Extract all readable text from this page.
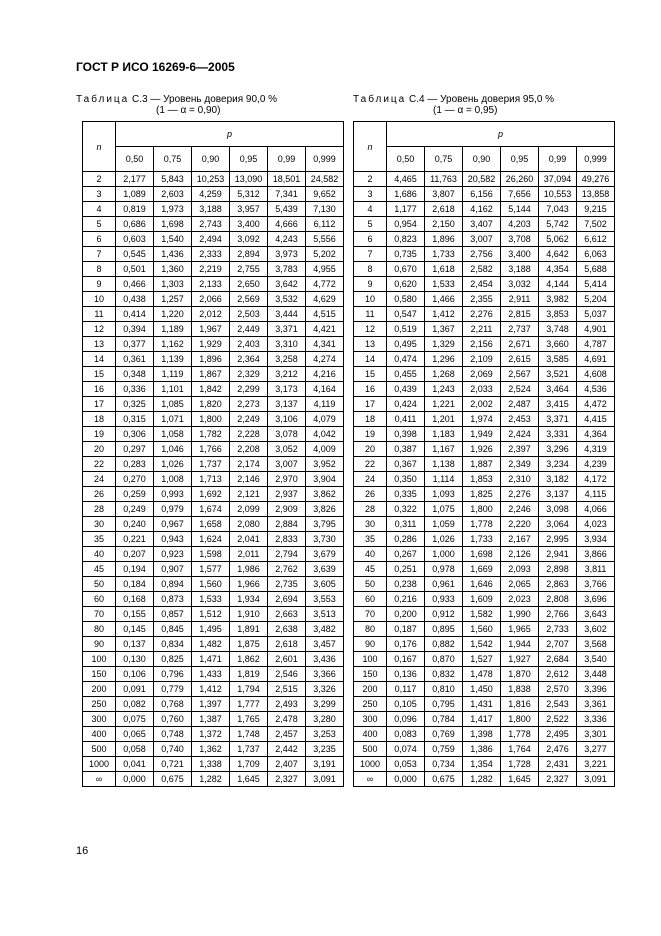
ГОСТ Р ИСО 16269-6—2005
Таблица С.3 — Уровень доверия 90,0 %
(1 — α = 0,90)
Таблица С.4 — Уровень доверия 95,0 %
(1 — α = 0,95)
n	p					
	0,50	0,75	0,90	0,95	0,99	0,999
2	2,177	5,843	10,253	13,090	18,501	24,582
3	1,089	2,603	4,259	5,312	7,341	9,652
4	0,819	1,973	3,188	3,957	5,439	7,130
5	0,686	1,698	2,743	3,400	4,666	6,112
6	0,603	1,540	2,494	3,092	4,243	5,556
7	0,545	1,436	2,333	2,894	3,973	5,202
8	0,501	1,360	2,219	2,755	3,783	4,955
9	0,466	1,303	2,133	2,650	3,642	4,772
10	0,438	1,257	2,066	2,569	3,532	4,629
11	0,414	1,220	2,012	2,503	3,444	4,515
12	0,394	1,189	1,967	2,449	3,371	4,421
13	0,377	1,162	1,929	2,403	3,310	4,341
14	0,361	1,139	1,896	2,364	3,258	4,274
15	0,348	1,119	1,867	2,329	3,212	4,216
16	0,336	1,101	1,842	2,299	3,173	4,164
17	0,325	1,085	1,820	2,273	3,137	4,119
18	0,315	1,071	1,800	2,249	3,106	4,079
19	0,306	1,058	1,782	2,228	3,078	4,042
20	0,297	1,046	1,766	2,208	3,052	4,009
22	0,283	1,026	1,737	2,174	3,007	3,952
24	0,270	1,008	1,713	2,146	2,970	3,904
26	0,259	0,993	1,692	2,121	2,937	3,862
28	0,249	0,979	1,674	2,099	2,909	3,826
30	0,240	0,967	1,658	2,080	2,884	3,795
35	0,221	0,943	1,624	2,041	2,833	3,730
40	0,207	0,923	1,598	2,011	2,794	3,679
45	0,194	0,907	1,577	1,986	2,762	3,639
50	0,184	0,894	1,560	1,966	2,735	3,605
60	0,168	0,873	1,533	1,934	2,694	3,553
70	0,155	0,857	1,512	1,910	2,663	3,513
80	0,145	0,845	1,495	1,891	2,638	3,482
90	0,137	0,834	1,482	1,875	2,618	3,457
100	0,130	0,825	1,471	1,862	2,601	3,436
150	0,106	0,796	1,433	1,819	2,546	3,366
200	0,091	0,779	1,412	1,794	2,515	3,326
250	0,082	0,768	1,397	1,777	2,493	3,299
300	0,075	0,760	1,387	1,765	2,478	3,280
400	0,065	0,748	1,372	1,748	2,457	3,253
500	0,058	0,740	1,362	1,737	2,442	3,235
1000	0,041	0,721	1,338	1,709	2,407	3,191
∞	0,000	0,675	1,282	1,645	2,327	3,091
n	p					
	0,50	0,75	0,90	0,95	0,99	0,999
2	4,465	11,763	20,582	26,260	37,094	49,276
3	1,686	3,807	6,156	7,656	10,553	13,858
4	1,177	2,618	4,162	5,144	7,043	9,215
5	0,954	2,150	3,407	4,203	5,742	7,502
6	0,823	1,896	3,007	3,708	5,062	6,612
7	0,735	1,733	2,756	3,400	4,642	6,063
8	0,670	1,618	2,582	3,188	4,354	5,688
9	0,620	1,533	2,454	3,032	4,144	5,414
10	0,580	1,466	2,355	2,911	3,982	5,204
11	0,547	1,412	2,276	2,815	3,853	5,037
12	0,519	1,367	2,211	2,737	3,748	4,901
13	0,495	1,329	2,156	2,671	3,660	4,787
14	0,474	1,296	2,109	2,615	3,585	4,691
15	0,455	1,268	2,069	2,567	3,521	4,608
16	0,439	1,243	2,033	2,524	3,464	4,536
17	0,424	1,221	2,002	2,487	3,415	4,472
18	0,411	1,201	1,974	2,453	3,371	4,415
19	0,398	1,183	1,949	2,424	3,331	4,364
20	0,387	1,167	1,926	2,397	3,296	4,319
22	0,367	1,138	1,887	2,349	3,234	4,239
24	0,350	1,114	1,853	2,310	3,182	4,172
26	0,335	1,093	1,825	2,276	3,137	4,115
28	0,322	1,075	1,800	2,246	3,098	4,066
30	0,311	1,059	1,778	2,220	3,064	4,023
35	0,286	1,026	1,733	2,167	2,995	3,934
40	0,267	1,000	1,698	2,126	2,941	3,866
45	0,251	0,978	1,669	2,093	2,898	3,811
50	0,238	0,961	1,646	2,065	2,863	3,766
60	0,216	0,933	1,609	2,023	2,808	3,696
70	0,200	0,912	1,582	1,990	2,766	3,643
80	0,187	0,895	1,560	1,965	2,733	3,602
90	0,176	0,882	1,542	1,944	2,707	3,568
100	0,167	0,870	1,527	1,927	2,684	3,540
150	0,136	0,832	1,478	1,870	2,612	3,448
200	0,117	0,810	1,450	1,838	2,570	3,396
250	0,105	0,795	1,431	1,816	2,543	3,361
300	0,096	0,784	1,417	1,800	2,522	3,336
400	0,083	0,769	1,398	1,778	2,495	3,301
500	0,074	0,759	1,386	1,764	2,476	3,277
1000	0,053	0,734	1,354	1,728	2,431	3,221
∞	0,000	0,675	1,282	1,645	2,327	3,091
16
